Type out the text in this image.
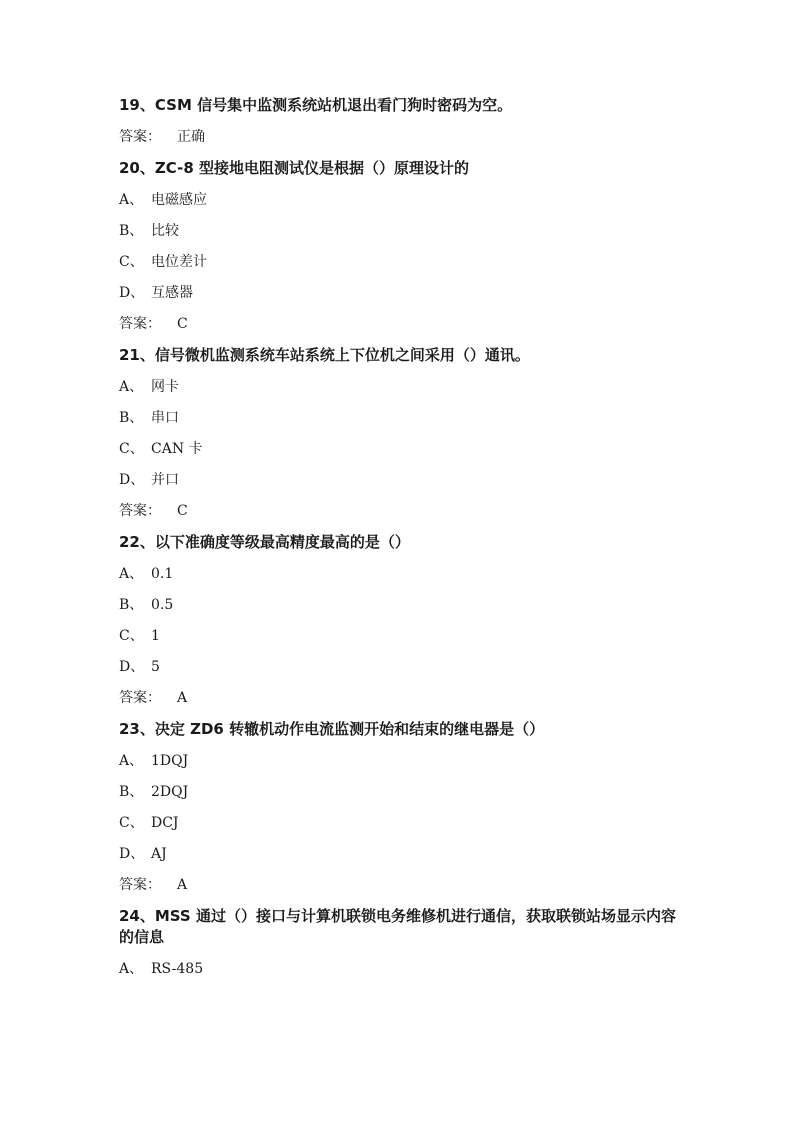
19、CSM 信号集中监测系统站机退出看门狗时密码为空。

答案： 正确

20、ZC-8 型接地电阻测试仪是根据（）原理设计的

A、 电磁感应
B、 比较
C、 电位差计
D、 互感器
答案： C

21、信号微机监测系统车站系统上下位机之间采用（）通讯。

A、 网卡
B、 串口
C、 CAN 卡
D、 并口
答案： C

22、以下准确度等级最高精度最高的是（）

A、 0.1
B、 0.5
C、 1
D、 5
答案： A

23、决定 ZD6 转辙机动作电流监测开始和结束的继电器是（）

A、 1DQJ
B、 2DQJ
C、 DCJ
D、 AJ
答案： A

24、MSS 通过（）接口与计算机联锁电务维修机进行通信，获取联锁站场显示内容的信息

A、 RS-485
